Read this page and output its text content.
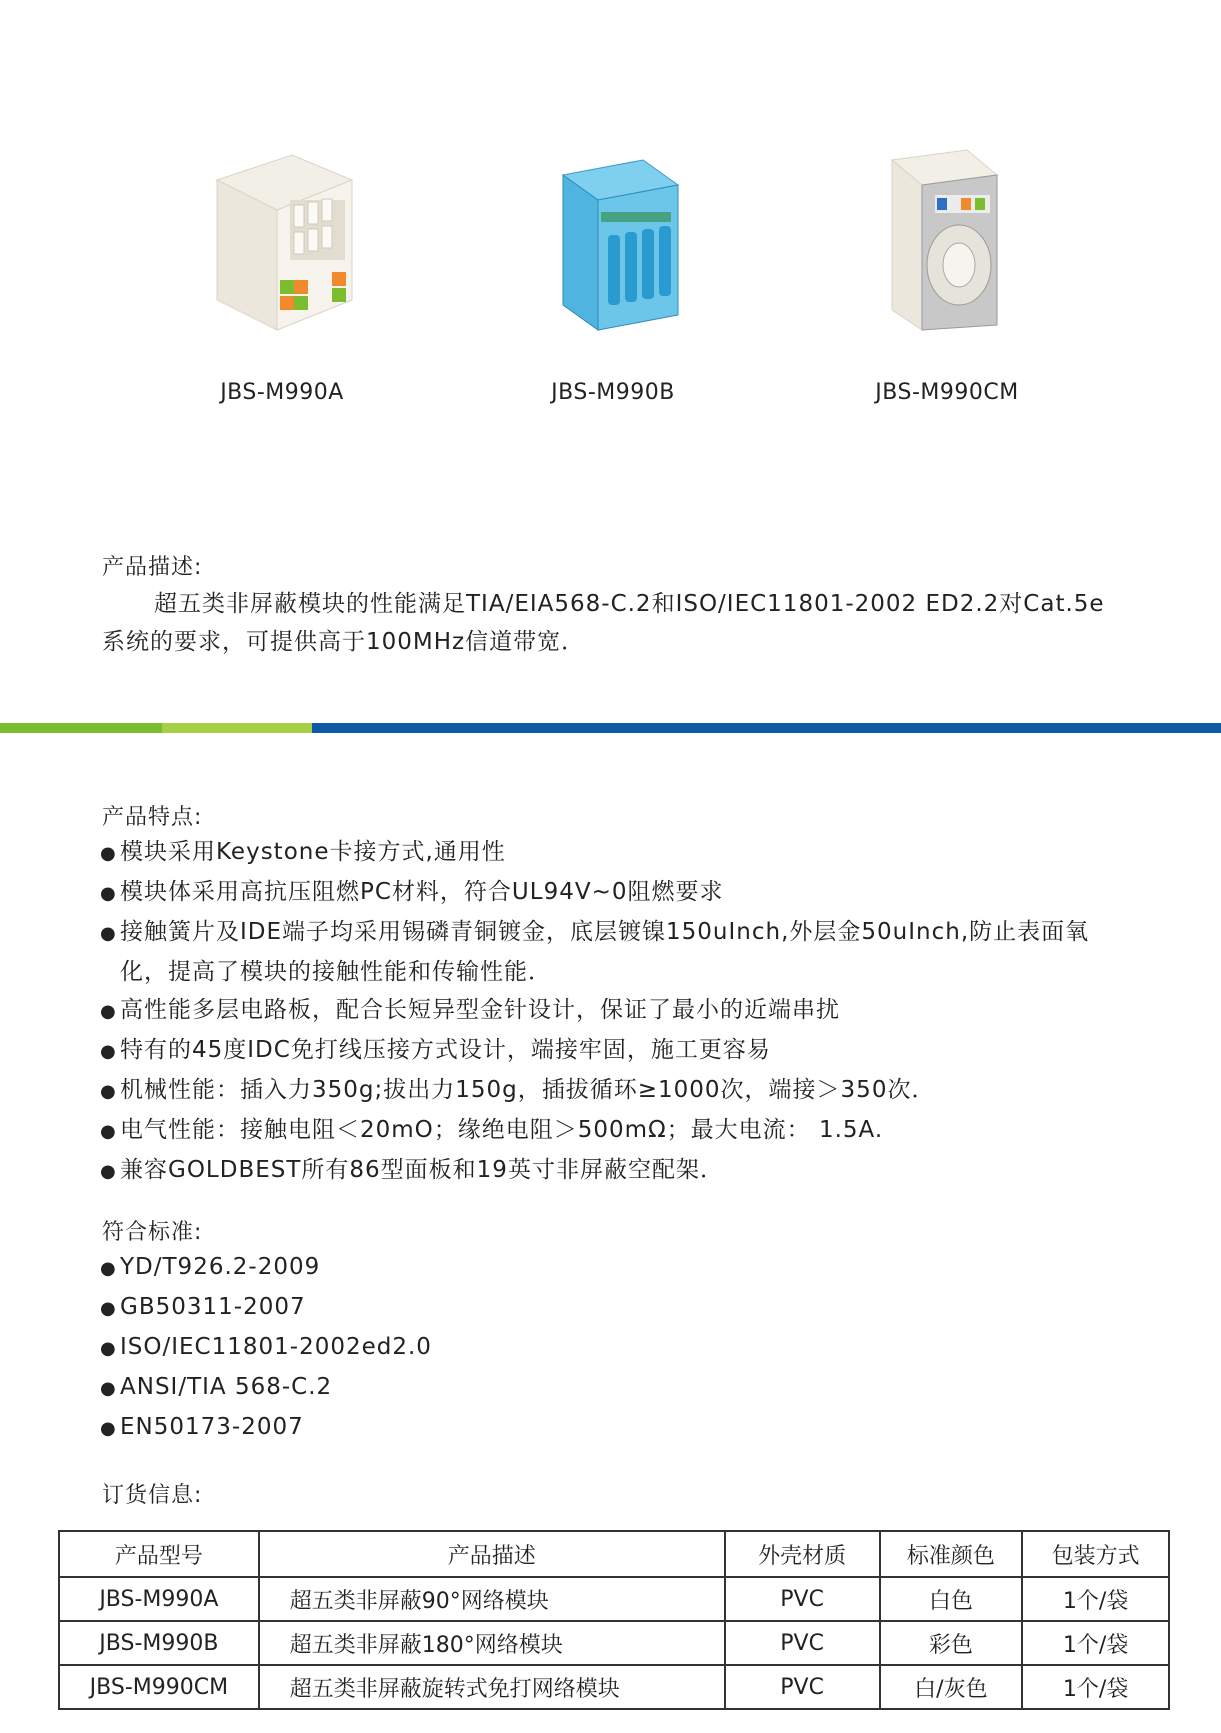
JBS-M990A	JBS-M990B	JBS-M990CM
产品描述:
超五类非屏蔽模块的性能满足TIA/EIA568-C.2和ISO/IEC11801-2002 ED2.2对Cat.5e系统的要求，可提供高于100MHz信道带宽．
产品特点:
● 模块采用Keystone卡接方式,通用性
● 模块体采用高抗压阻燃PC材料，符合UL94V~0阻燃要求
● 接触簧片及IDE端子均采用锡磷青铜镀金，底层镀镍150uInch,外层金50uInch,防止表面氧化，提高了模块的接触性能和传输性能．
● 高性能多层电路板，配合长短异型金针设计，保证了最小的近端串扰
● 特有的45度IDC免打线压接方式设计，端接牢固，施工更容易
● 机械性能：插入力350g;拔出力150g，插拔循环≥1000次，端接＞350次．
● 电气性能：接触电阻＜20mO；缘绝电阻＞500mΩ；最大电流： 1.5A.
● 兼容GOLDBEST所有86型面板和19英寸非屏蔽空配架．
符合标准:
● YD/T926.2-2009
● GB50311-2007
● ISO/IEC11801-2002ed2.0
● ANSI/TIA 568-C.2
● EN50173-2007
订货信息:
产品型号	产品描述	外壳材质	标准颜色	包装方式
JBS-M990A	超五类非屏蔽90°网络模块	PVC	白色	1个/袋
JBS-M990B	超五类非屏蔽180°网络模块	PVC	彩色	1个/袋
JBS-M990CM	超五类非屏蔽旋转式免打网络模块	PVC	白/灰色	1个/袋
